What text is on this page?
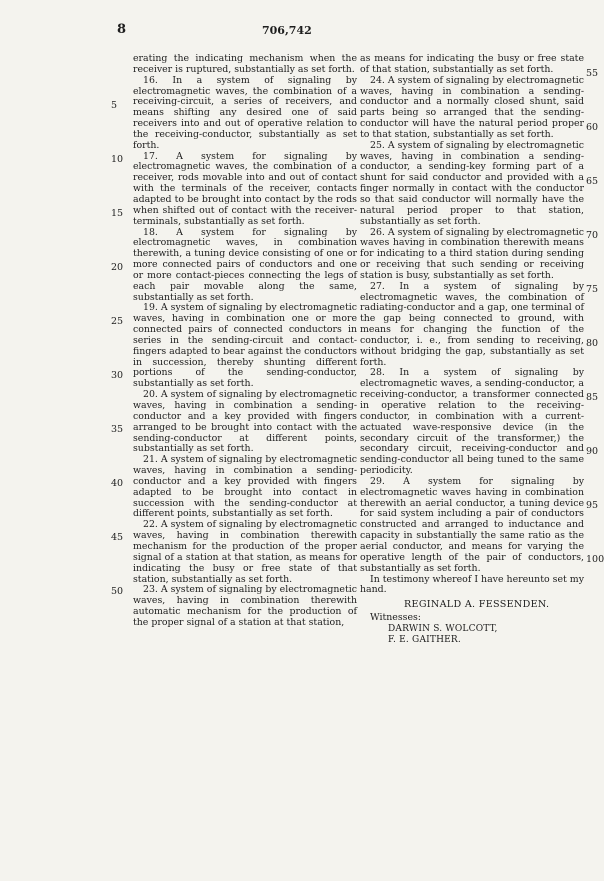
8	706,742

erating the indicating mechanism when the receiver is ruptured, substantially as set forth.

16. In a system of signaling by electromagnetic waves, the combination of a receiving-circuit, a series of receivers, and means shifting any desired one of said receivers into and out of operative relation to the receiving-conductor, substantially as set forth.

17. A system for signaling by electromagnetic waves, the combination of a receiver, rods movable into and out of contact with the terminals of the receiver, contacts adapted to be brought into contact by the rods when shifted out of contact with the receiver-terminals, substantially as set forth.

18. A system for signaling by electromagnetic waves, in combination therewith, a tuning device consisting of one or more connected pairs of conductors and one or more contact-pieces connecting the legs of each pair movable along the same, substantially as set forth.

19. A system of signaling by electromagnetic waves, having in combination one or more connected pairs of connected conductors in series in the sending-circuit and contact-fingers adapted to bear against the conductors in succession, thereby shunting different portions of the sending-conductor, substantially as set forth.

20. A system of signaling by electromagnetic waves, having in combination a sending-conductor and a key provided with fingers arranged to be brought into contact with the sending-conductor at different points, substantially as set forth.

21. A system of signaling by electromagnetic waves, having in combination a sending-conductor and a key provided with fingers adapted to be brought into contact in succession with the sending-conductor at different points, substantially as set forth.

22. A system of signaling by electromagnetic waves, having in combination therewith mechanism for the production of the proper signal of a station at that station, as means for indicating the busy or free state of that station, substantially as set forth.

23. A system of signaling by electromagnetic waves, having in combination therewith automatic mechanism for the production of the proper signal of a station at that station,

as means for indicating the busy or free state of that station, substantially as set forth.

24. A system of signaling by electromagnetic waves, having in combination a sending-conductor and a normally closed shunt, said parts being so arranged that the sending-conductor will have the natural period proper to that station, substantially as set forth.

25. A system of signaling by electromagnetic waves, having in combination a sending-conductor, a sending-key forming part of a shunt for said conductor and provided with a finger normally in contact with the conductor so that said conductor will normally have the natural period proper to that station, substantially as set forth.

26. A system of signaling by electromagnetic waves having in combination therewith means for indicating to a third station during sending or receiving that such sending or receiving station is busy, substantially as set forth.

27. In a system of signaling by electromagnetic waves, the combination of radiating-conductor and a gap, one terminal of the gap being connected to ground, with means for changing the function of the conductor, i. e., from sending to receiving, without bridging the gap, substantially as set forth.

28. In a system of signaling by electromagnetic waves, a sending-conductor, a receiving-conductor, a transformer connected in operative relation to the receiving-conductor, in combination with a current-actuated wave-responsive device (in the secondary circuit of the transformer,) the secondary circuit, receiving-conductor and sending-conductor all being tuned to the same periodicity.

29. A system for signaling by electromagnetic waves having in combination therewith an aerial conductor, a tuning device for said system including a pair of conductors constructed and arranged to inductance and capacity in substantially the same ratio as the aerial conductor, and means for varying the operative length of the pair of conductors, substantially as set forth.

In testimony whereof I have hereunto set my hand.

REGINALD A. FESSENDEN.
Witnesses:
DARWIN S. WOLCOTT,
F. E. GAITHER.
5
10
15
20
25
30
35
40
45
50
55
60
65
70
75
80
85
90
95
100
